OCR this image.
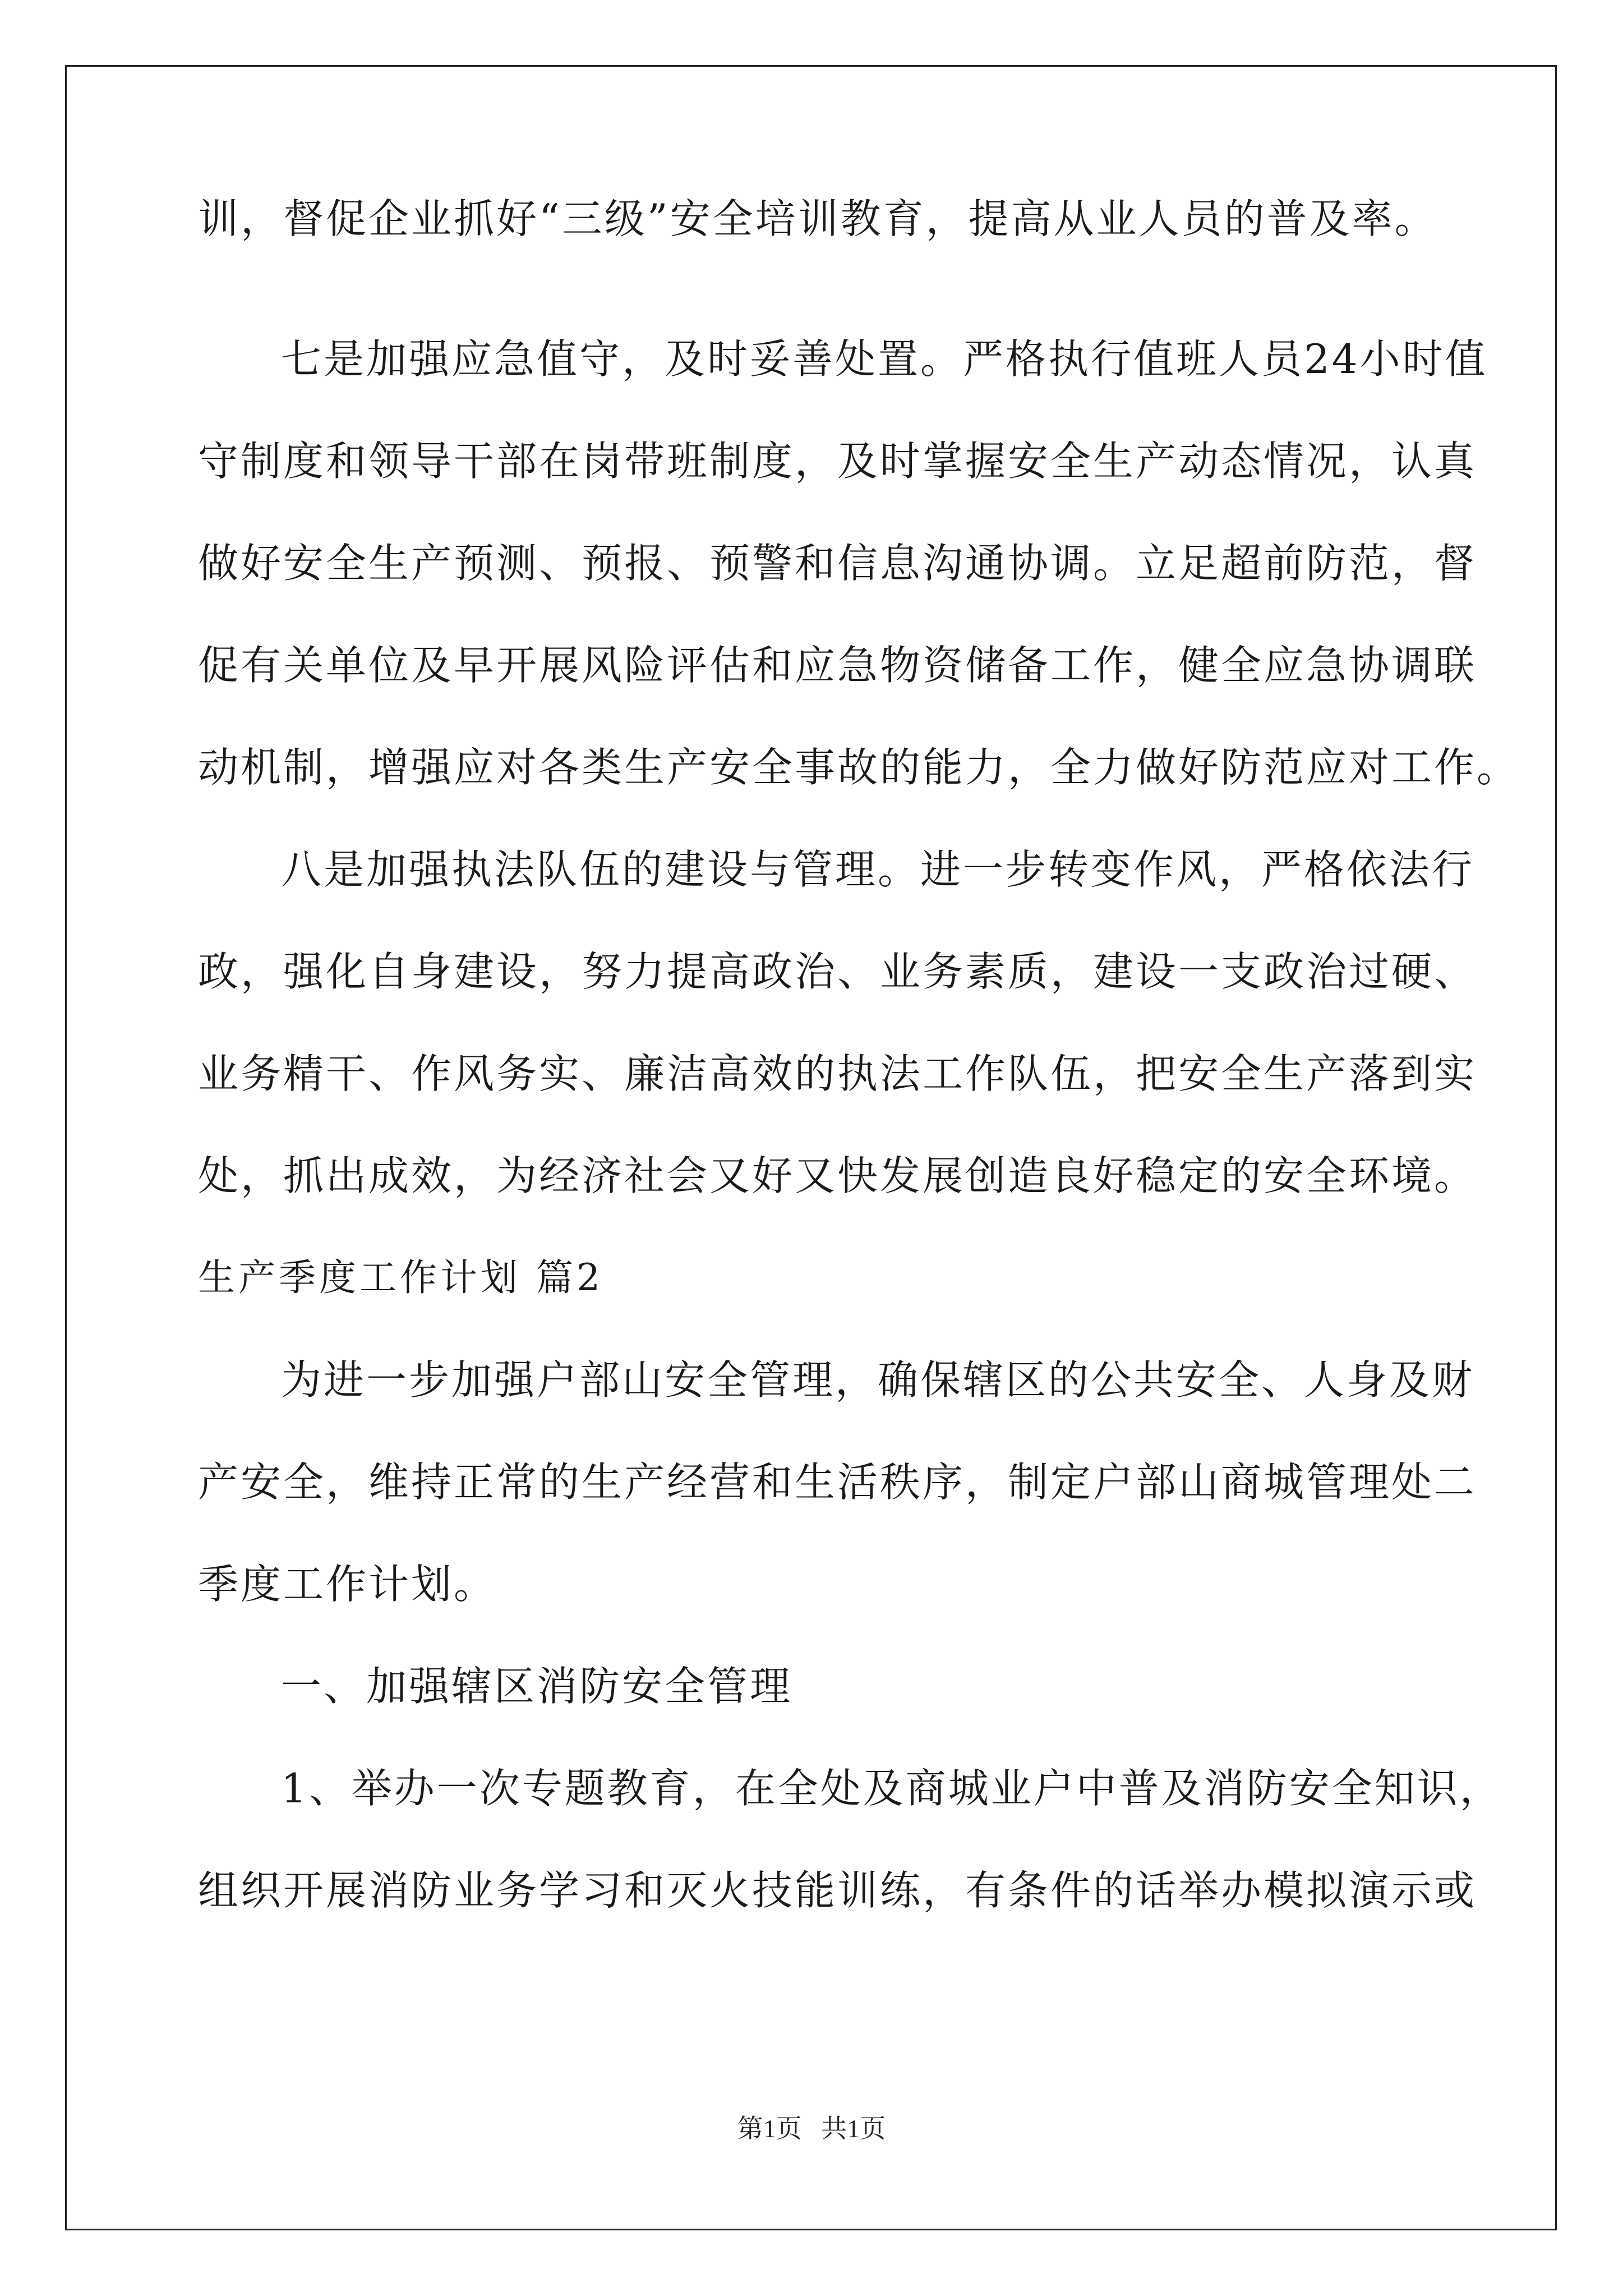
训，督促企业抓好“三级”安全培训教育，提高从业人员的普及率。
七是加强应急值守，及时妥善处置。严格执行值班人员24小时值
守制度和领导干部在岗带班制度，及时掌握安全生产动态情况，认真
做好安全生产预测、预报、预警和信息沟通协调。立足超前防范，督
促有关单位及早开展风险评估和应急物资储备工作，健全应急协调联
动机制，增强应对各类生产安全事故的能力，全力做好防范应对工作。
八是加强执法队伍的建设与管理。进一步转变作风，严格依法行
政，强化自身建设，努力提高政治、业务素质，建设一支政治过硬、
业务精干、作风务实、廉洁高效的执法工作队伍，把安全生产落到实
处，抓出成效，为经济社会又好又快发展创造良好稳定的安全环境。
生产季度工作计划 篇2
为进一步加强户部山安全管理，确保辖区的公共安全、人身及财
产安全，维持正常的生产经营和生活秩序，制定户部山商城管理处二
季度工作计划。
一、加强辖区消防安全管理
1、举办一次专题教育，在全处及商城业户中普及消防安全知识，
组织开展消防业务学习和灭火技能训练，有条件的话举办模拟演示或
第1页   共1页
